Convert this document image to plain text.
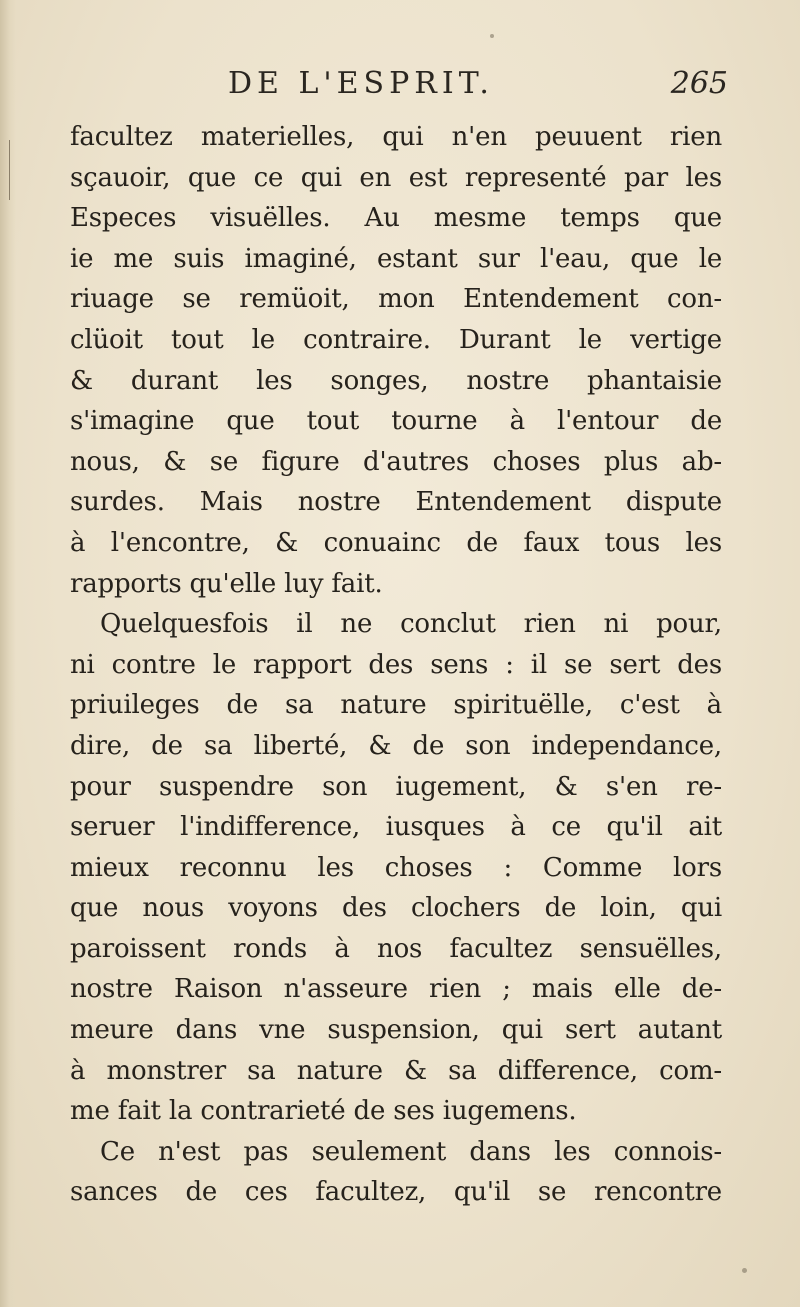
DE L'ESPRIT.	265
facultez materielles, qui n'en peuuent rien
sçauoir, que ce qui en est representé par les
Especes visuëlles. Au mesme temps que
ie me suis imaginé, estant sur l'eau, que le
riuage se remüoit, mon Entendement con-
clüoit tout le contraire. Durant le vertige
& durant les songes, nostre phantaisie
s'imagine que tout tourne à l'entour de
nous, & se figure d'autres choses plus ab-
surdes. Mais nostre Entendement dispute
à l'encontre, & conuainc de faux tous les
rapports qu'elle luy fait.
Quelquesfois il ne conclut rien ni pour,
ni contre le rapport des sens : il se sert des
priuileges de sa nature spirituëlle, c'est à
dire, de sa liberté, & de son independance,
pour suspendre son iugement, & s'en re-
seruer l'indifference, iusques à ce qu'il ait
mieux reconnu les choses : Comme lors
que nous voyons des clochers de loin, qui
paroissent ronds à nos facultez sensuëlles,
nostre Raison n'asseure rien ; mais elle de-
meure dans vne suspension, qui sert autant
à monstrer sa nature & sa difference, com-
me fait la contrarieté de ses iugemens.
Ce n'est pas seulement dans les connois-
sances de ces facultez, qu'il se rencontre
